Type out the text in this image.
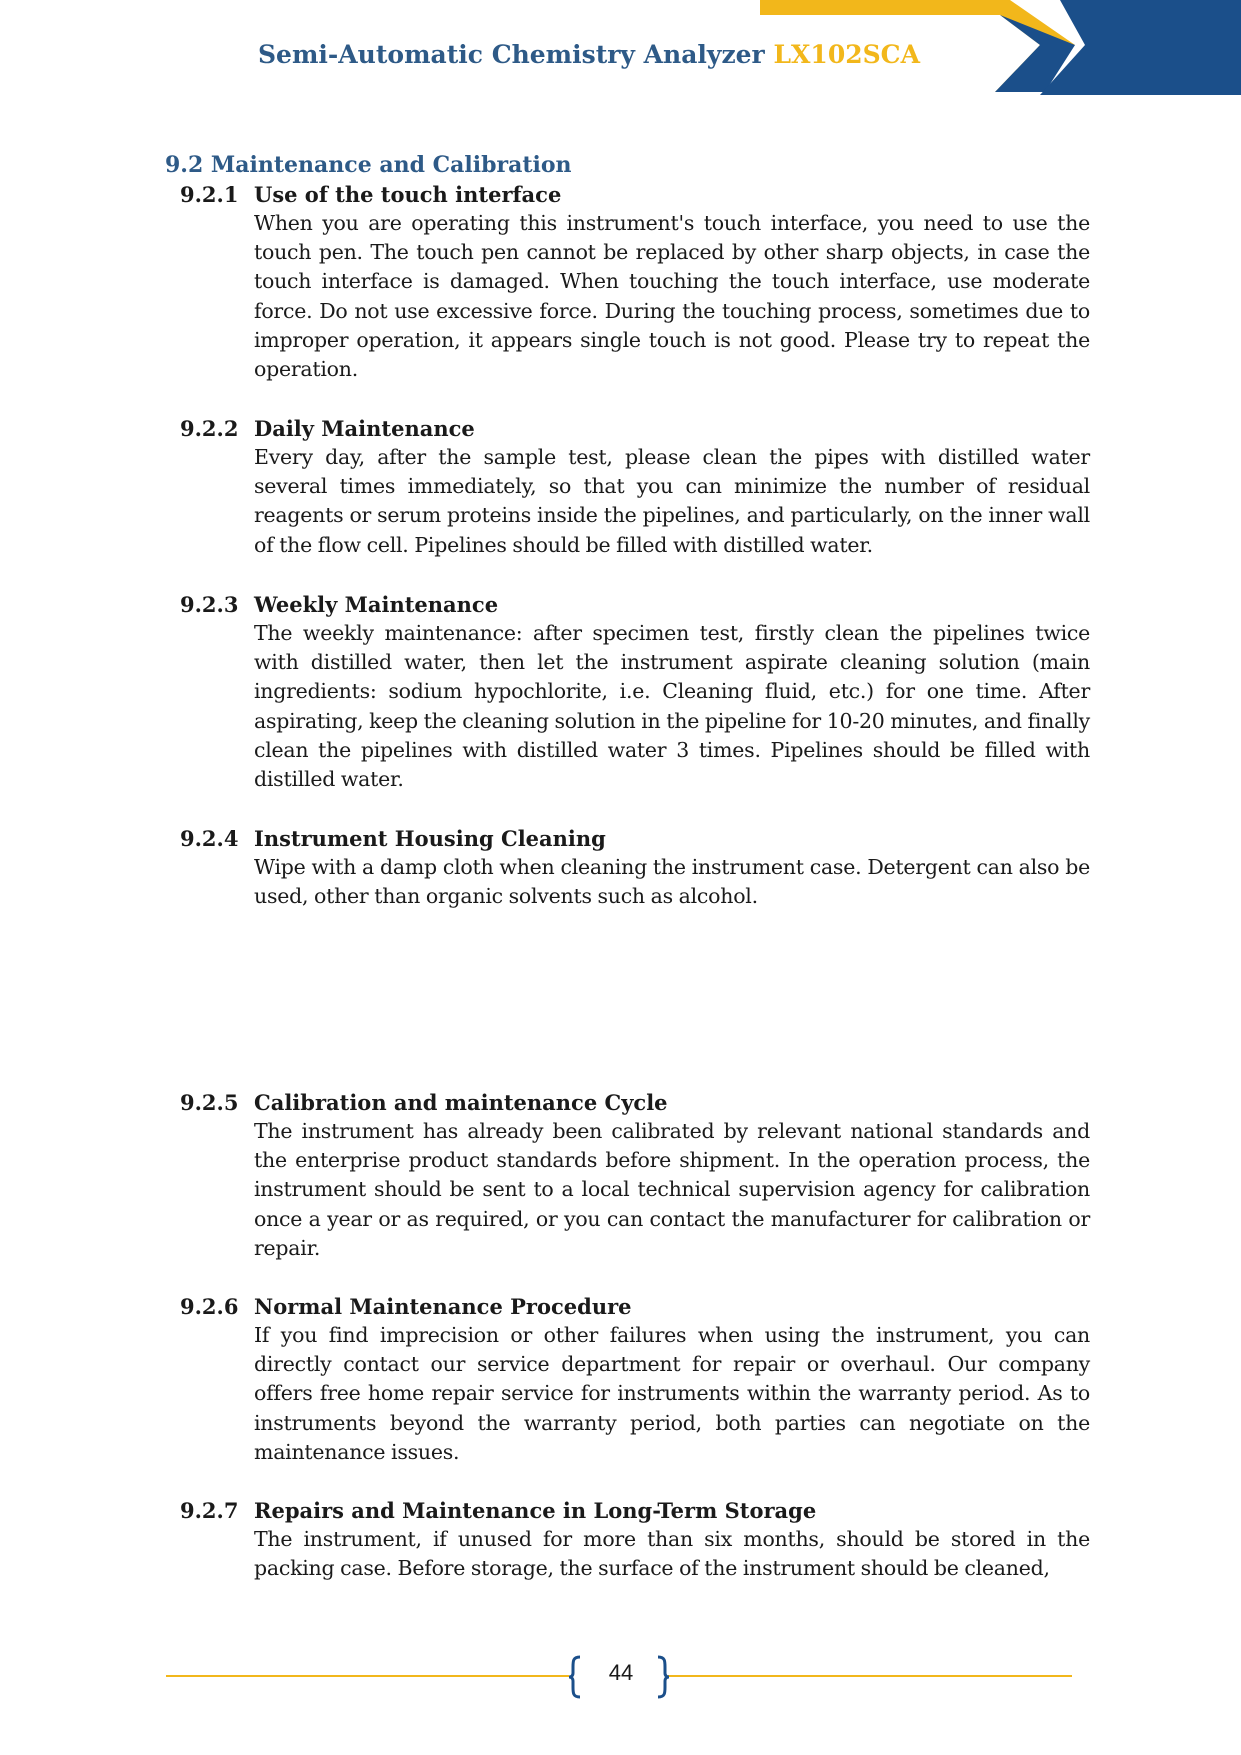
Semi-Automatic Chemistry Analyzer LX102SCA
9.2 Maintenance and Calibration
9.2.1 Use of the touch interface

When you are operating this instrument's touch interface, you need to use the touch pen. The touch pen cannot be replaced by other sharp objects, in case the touch interface is damaged. When touching the touch interface, use moderate force. Do not use excessive force. During the touching process, sometimes due to improper operation, it appears single touch is not good. Please try to repeat the operation.

9.2.2 Daily Maintenance

Every day, after the sample test, please clean the pipes with distilled water several times immediately, so that you can minimize the number of residual reagents or serum proteins inside the pipelines, and particularly, on the inner wall of the flow cell. Pipelines should be filled with distilled water.

9.2.3 Weekly Maintenance

The weekly maintenance: after specimen test, firstly clean the pipelines twice with distilled water, then let the instrument aspirate cleaning solution (main ingredients: sodium hypochlorite, i.e. Cleaning fluid, etc.) for one time. After aspirating, keep the cleaning solution in the pipeline for 10-20 minutes, and finally clean the pipelines with distilled water 3 times. Pipelines should be filled with distilled water.

9.2.4 Instrument Housing Cleaning

Wipe with a damp cloth when cleaning the instrument case. Detergent can also be used, other than organic solvents such as alcohol.

9.2.5 Calibration and maintenance Cycle

The instrument has already been calibrated by relevant national standards and the enterprise product standards before shipment. In the operation process, the instrument should be sent to a local technical supervision agency for calibration once a year or as required, or you can contact the manufacturer for calibration or repair.

9.2.6 Normal Maintenance Procedure

If you find imprecision or other failures when using the instrument, you can directly contact our service department for repair or overhaul. Our company offers free home repair service for instruments within the warranty period. As to instruments beyond the warranty period, both parties can negotiate on the maintenance issues.

9.2.7 Repairs and Maintenance in Long-Term Storage

The instrument, if unused for more than six months, should be stored in the packing case. Before storage, the surface of the instrument should be cleaned,

44
